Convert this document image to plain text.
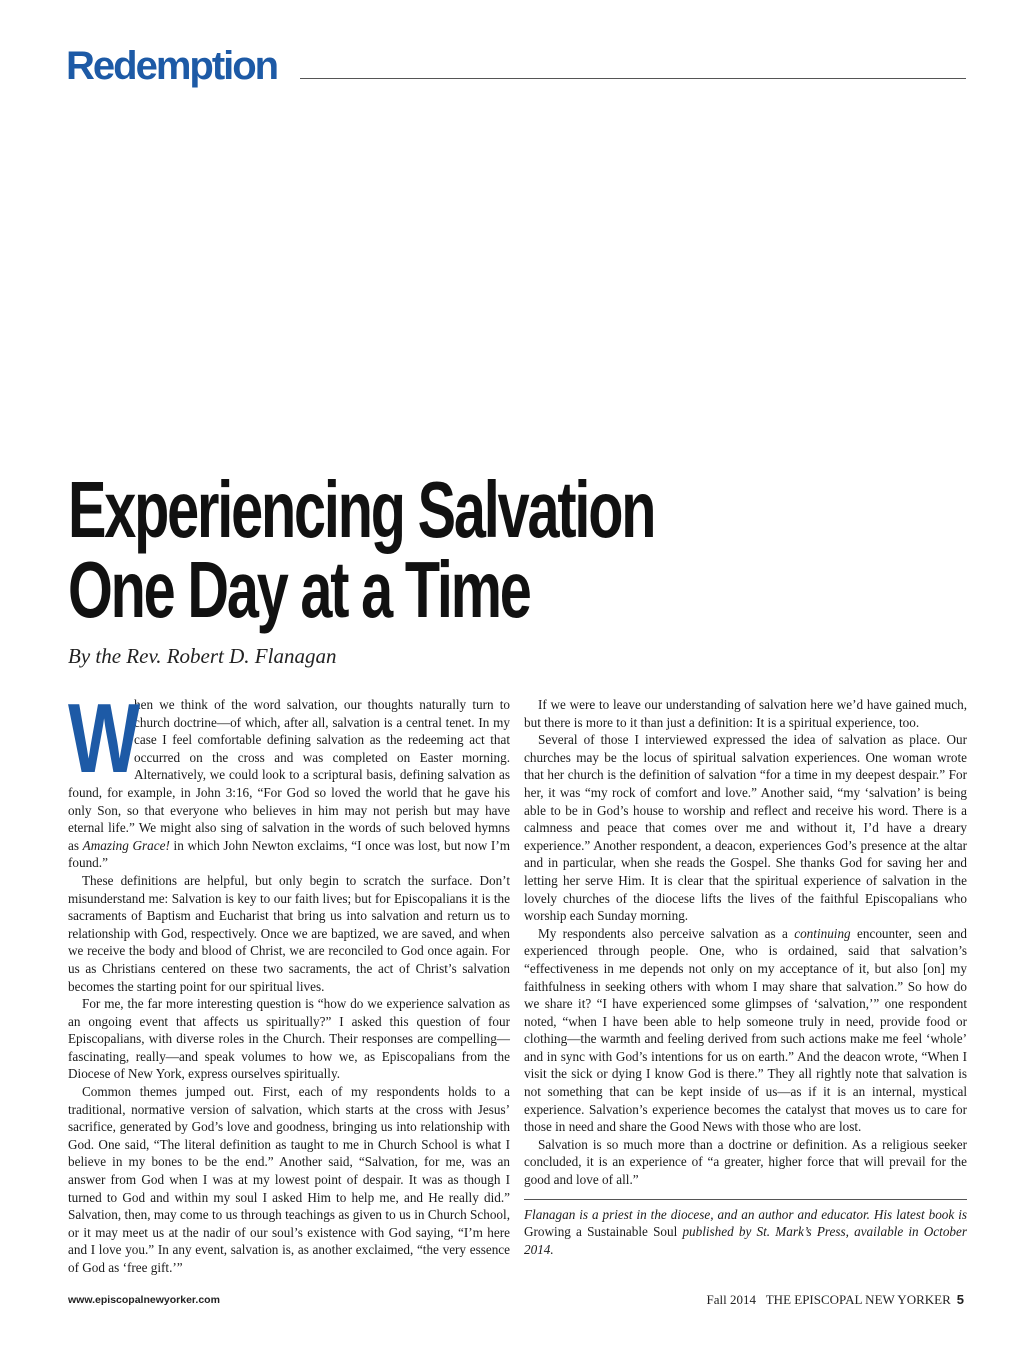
Redemption
Experiencing Salvation
One Day at a Time
By the Rev. Robert D. Flanagan

W
hen we think of the word salvation, our thoughts naturally turn to church doctrine—of which, after all, salvation is a central tenet. In my case I feel comfortable defining salvation as the redeeming act that occurred on the cross and was completed on Easter morning. Alternatively, we could look to a scriptural basis, defining salvation as found, for example, in John 3:16, “For God so loved the world that he gave his only Son, so that everyone who believes in him may not perish but may have eternal life.” We might also sing of salvation in the words of such beloved hymns as Amazing Grace! in which John Newton exclaims, “I once was lost, but now I’m found.”

These definitions are helpful, but only begin to scratch the surface. Don’t misunderstand me: Salvation is key to our faith lives; but for Episcopalians it is the sacraments of Baptism and Eucharist that bring us into salvation and return us to relationship with God, respectively. Once we are baptized, we are saved, and when we receive the body and blood of Christ, we are reconciled to God once again. For us as Christians centered on these two sacraments, the act of Christ’s salvation becomes the starting point for our spiritual lives.

For me, the far more interesting question is “how do we experience salvation as an ongoing event that affects us spiritually?” I asked this question of four Episcopalians, with diverse roles in the Church. Their responses are compelling—fascinating, really—and speak volumes to how we, as Episcopalians from the Diocese of New York, express ourselves spiritually.

Common themes jumped out. First, each of my respondents holds to a traditional, normative version of salvation, which starts at the cross with Jesus’ sacrifice, generated by God’s love and goodness, bringing us into relationship with God. One said, “The literal definition as taught to me in Church School is what I believe in my bones to be the end.” Another said, “Salvation, for me, was an answer from God when I was at my lowest point of despair. It was as though I turned to God and within my soul I asked Him to help me, and He really did.” Salvation, then, may come to us through teachings as given to us in Church School, or it may meet us at the nadir of our soul’s existence with God saying, “I’m here and I love you.” In any event, salvation is, as another exclaimed, “the very essence of God as ‘free gift.’”

If we were to leave our understanding of salvation here we’d have gained much, but there is more to it than just a definition: It is a spiritual experience, too.

Several of those I interviewed expressed the idea of salvation as place. Our churches may be the locus of spiritual salvation experiences. One woman wrote that her church is the definition of salvation “for a time in my deepest despair.” For her, it was “my rock of comfort and love.” Another said, “my ‘salvation’ is being able to be in God’s house to worship and reflect and receive his word. There is a calmness and peace that comes over me and without it, I’d have a dreary experience.” Another respondent, a deacon, experiences God’s presence at the altar and in particular, when she reads the Gospel. She thanks God for saving her and letting her serve Him. It is clear that the spiritual experience of salvation in the lovely churches of the diocese lifts the lives of the faithful Episcopalians who worship each Sunday morning.

My respondents also perceive salvation as a continuing encounter, seen and experienced through people. One, who is ordained, said that salvation’s “effectiveness in me depends not only on my acceptance of it, but also [on] my faithfulness in seeking others with whom I may share that salvation.” So how do we share it? “I have experienced some glimpses of ‘salvation,’” one respondent noted, “when I have been able to help someone truly in need, provide food or clothing—the warmth and feeling derived from such actions make me feel ‘whole’ and in sync with God’s intentions for us on earth.” And the deacon wrote, “When I visit the sick or dying I know God is there.” They all rightly note that salvation is not something that can be kept inside of us—as if it is an internal, mystical experience. Salvation’s experience becomes the catalyst that moves us to care for those in need and share the Good News with those who are lost.

Salvation is so much more than a doctrine or definition. As a religious seeker concluded, it is an experience of “a greater, higher force that will prevail for the good and love of all.”

Flanagan is a priest in the diocese, and an author and educator. His latest book is Growing a Sustainable Soul published by St. Mark’s Press, available in October 2014.

www.episcopalnewyorker.com	Fall 2014 THE EPISCOPAL NEW YORKER 5
